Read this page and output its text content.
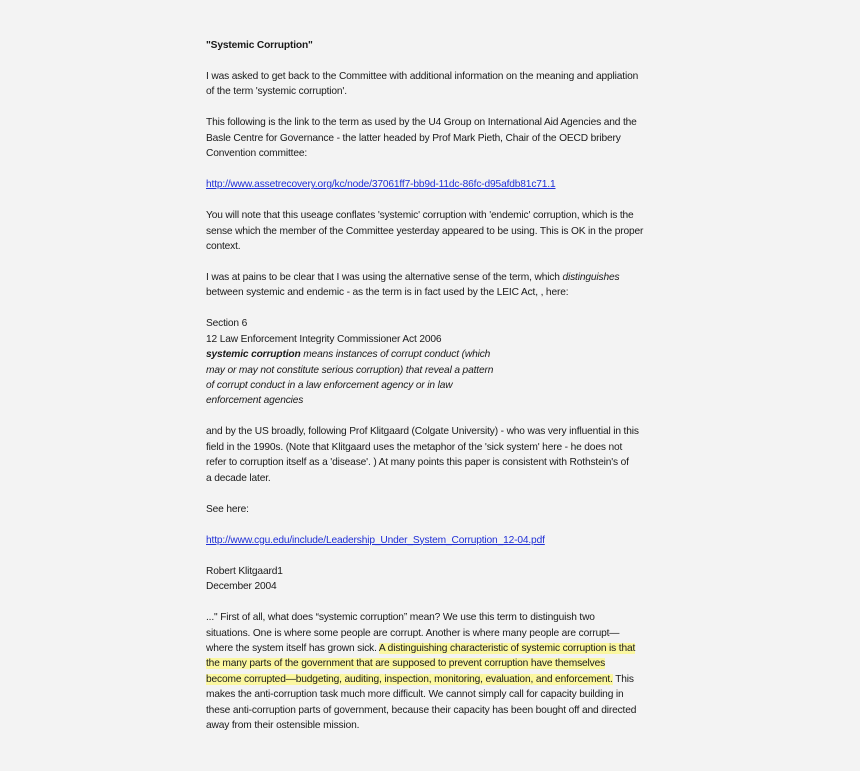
"Systemic Corruption"

I was asked to get back to the Committee with additional information on the meaning and appliation
of the term 'systemic corruption'.

This following is the link to the term as used by the U4 Group on International Aid Agencies and the
Basle Centre for Governance - the latter headed by Prof Mark Pieth, Chair of the OECD bribery
Convention committee:

http://www.assetrecovery.org/kc/node/37061ff7-bb9d-11dc-86fc-d95afdb81c71.1

You will note that this useage conflates 'systemic' corruption with 'endemic' corruption, which is the
sense which the member of the Committee yesterday appeared to be using. This is OK in the proper
context.

I was at pains to be clear that I was using the alternative sense of the term, which distinguishes
between systemic and endemic - as the term is in fact used by the LEIC Act, , here:

Section 6
12 Law Enforcement Integrity Commissioner Act 2006
systemic corruption means instances of corrupt conduct (which
may or may not constitute serious corruption) that reveal a pattern
of corrupt conduct in a law enforcement agency or in law
enforcement agencies

and by the US broadly, following Prof Klitgaard (Colgate University) - who was very influential in this
field in the 1990s. (Note that Klitgaard uses the metaphor of the 'sick system' here - he does not
refer to corruption itself as a 'disease'. ) At many points this paper is consistent with Rothstein's of
a decade later.

See here:

http://www.cgu.edu/include/Leadership_Under_System_Corruption_12-04.pdf

Robert Klitgaard1
December 2004

..." First of all, what does “systemic corruption” mean? We use this term to distinguish two
situations. One is where some people are corrupt. Another is where many people are corrupt—
where the system itself has grown sick. A distinguishing characteristic of systemic corruption is that
the many parts of the government that are supposed to prevent corruption have themselves
become corrupted—budgeting, auditing, inspection, monitoring, evaluation, and enforcement. This
makes the anti-corruption task much more difficult. We cannot simply call for capacity building in
these anti-corruption parts of government, because their capacity has been bought off and directed
away from their ostensible mission.
